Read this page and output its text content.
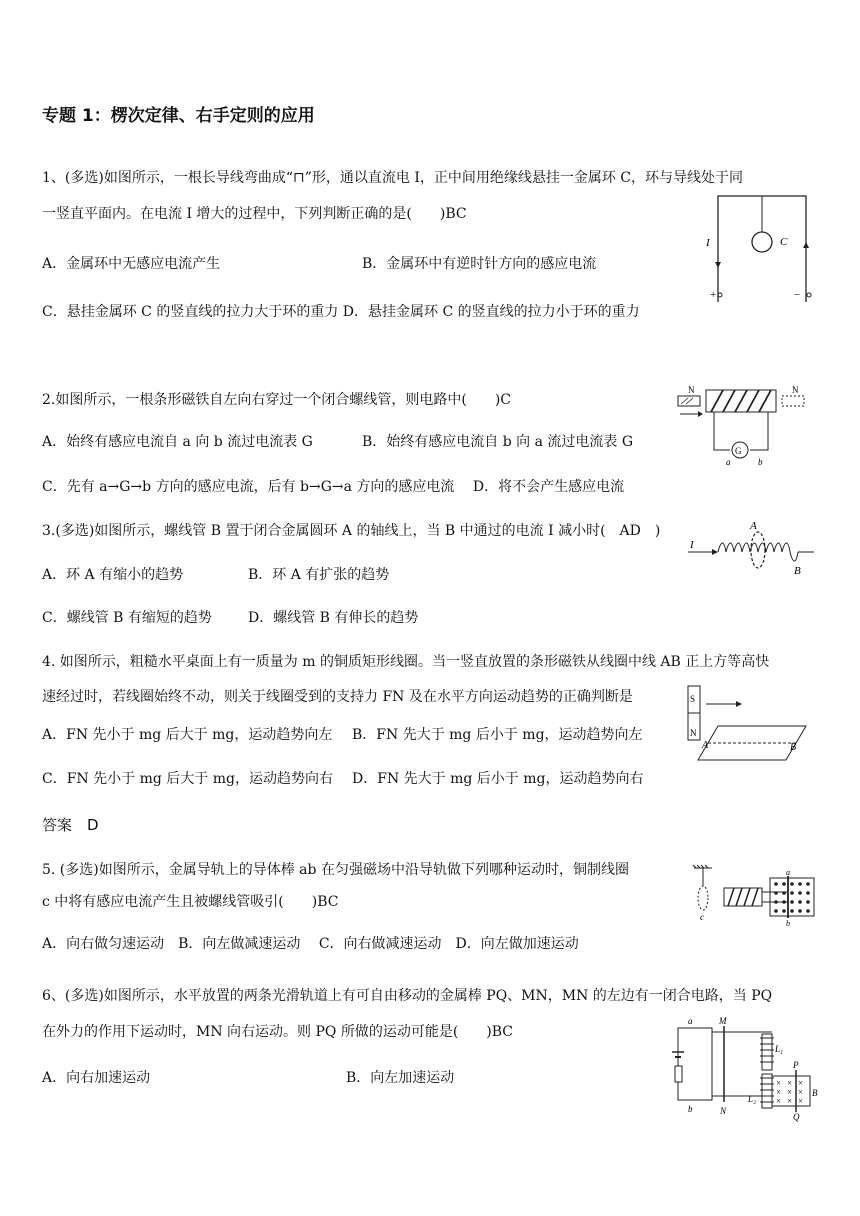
专题 1：楞次定律、右手定则的应用
1、(多选)如图所示，一根长导线弯曲成“⊓”形，通以直流电 I，正中间用绝缘线悬挂一金属环 C，环与导线处于同
一竖直平面内。在电流 I 增大的过程中，下列判断正确的是(　　)BC
A．金属环中无感应电流产生	B．金属环中有逆时针方向的感应电流
C．悬挂金属环 C 的竖直线的拉力大于环的重力 D．悬挂金属环 C 的竖直线的拉力小于环的重力
I	C
+	−
2.如图所示，一根条形磁铁自左向右穿过一个闭合螺线管，则电路中(　　)C
A．始终有感应电流自 a 向 b 流过电流表 G	B．始终有感应电流自 b 向 a 流过电流表 G
C．先有 a→G→b 方向的感应电流，后有 b→G→a 方向的感应电流　 D．将不会产生感应电流
N	N
G
a	b
3.(多选)如图所示，螺线管 B 置于闭合金属圆环 A 的轴线上，当 B 中通过的电流 I 减小时(　AD　)
A．环 A 有缩小的趋势	B．环 A 有扩张的趋势
C．螺线管 B 有缩短的趋势	D．螺线管 B 有伸长的趋势
A
I
B
4. 如图所示，粗糙水平桌面上有一质量为 m 的铜质矩形线圈。当一竖直放置的条形磁铁从线圈中线 AB 正上方等高快
速经过时，若线圈始终不动，则关于线圈受到的支持力 FN 及在水平方向运动趋势的正确判断是
A．FN 先小于 mg 后大于 mg，运动趋势向左 B．FN 先大于 mg 后小于 mg，运动趋势向左
C．FN 先小于 mg 后大于 mg，运动趋势向右 D．FN 先大于 mg 后小于 mg，运动趋势向右
答案　D
S
N
A	B
5. (多选)如图所示，金属导轨上的导体棒 ab 在匀强磁场中沿导轨做下列哪种运动时，铜制线圈
c 中将有感应电流产生且被螺线管吸引(　　)BC
A．向右做匀速运动　B．向左做减速运动　 C．向右做减速运动　D．向左做加速运动
c
a
b
6、(多选)如图所示，水平放置的两条光滑轨道上有可自由移动的金属棒 PQ、MN，MN 的左边有一闭合电路，当 PQ
在外力的作用下运动时，MN 向右运动。则 PQ 所做的运动可能是(　　)BC
A．向右加速运动	B．向左加速运动
a
b
M
N
L₁
L₂
P
Q
B
× × ×
× × ×
× × ×
